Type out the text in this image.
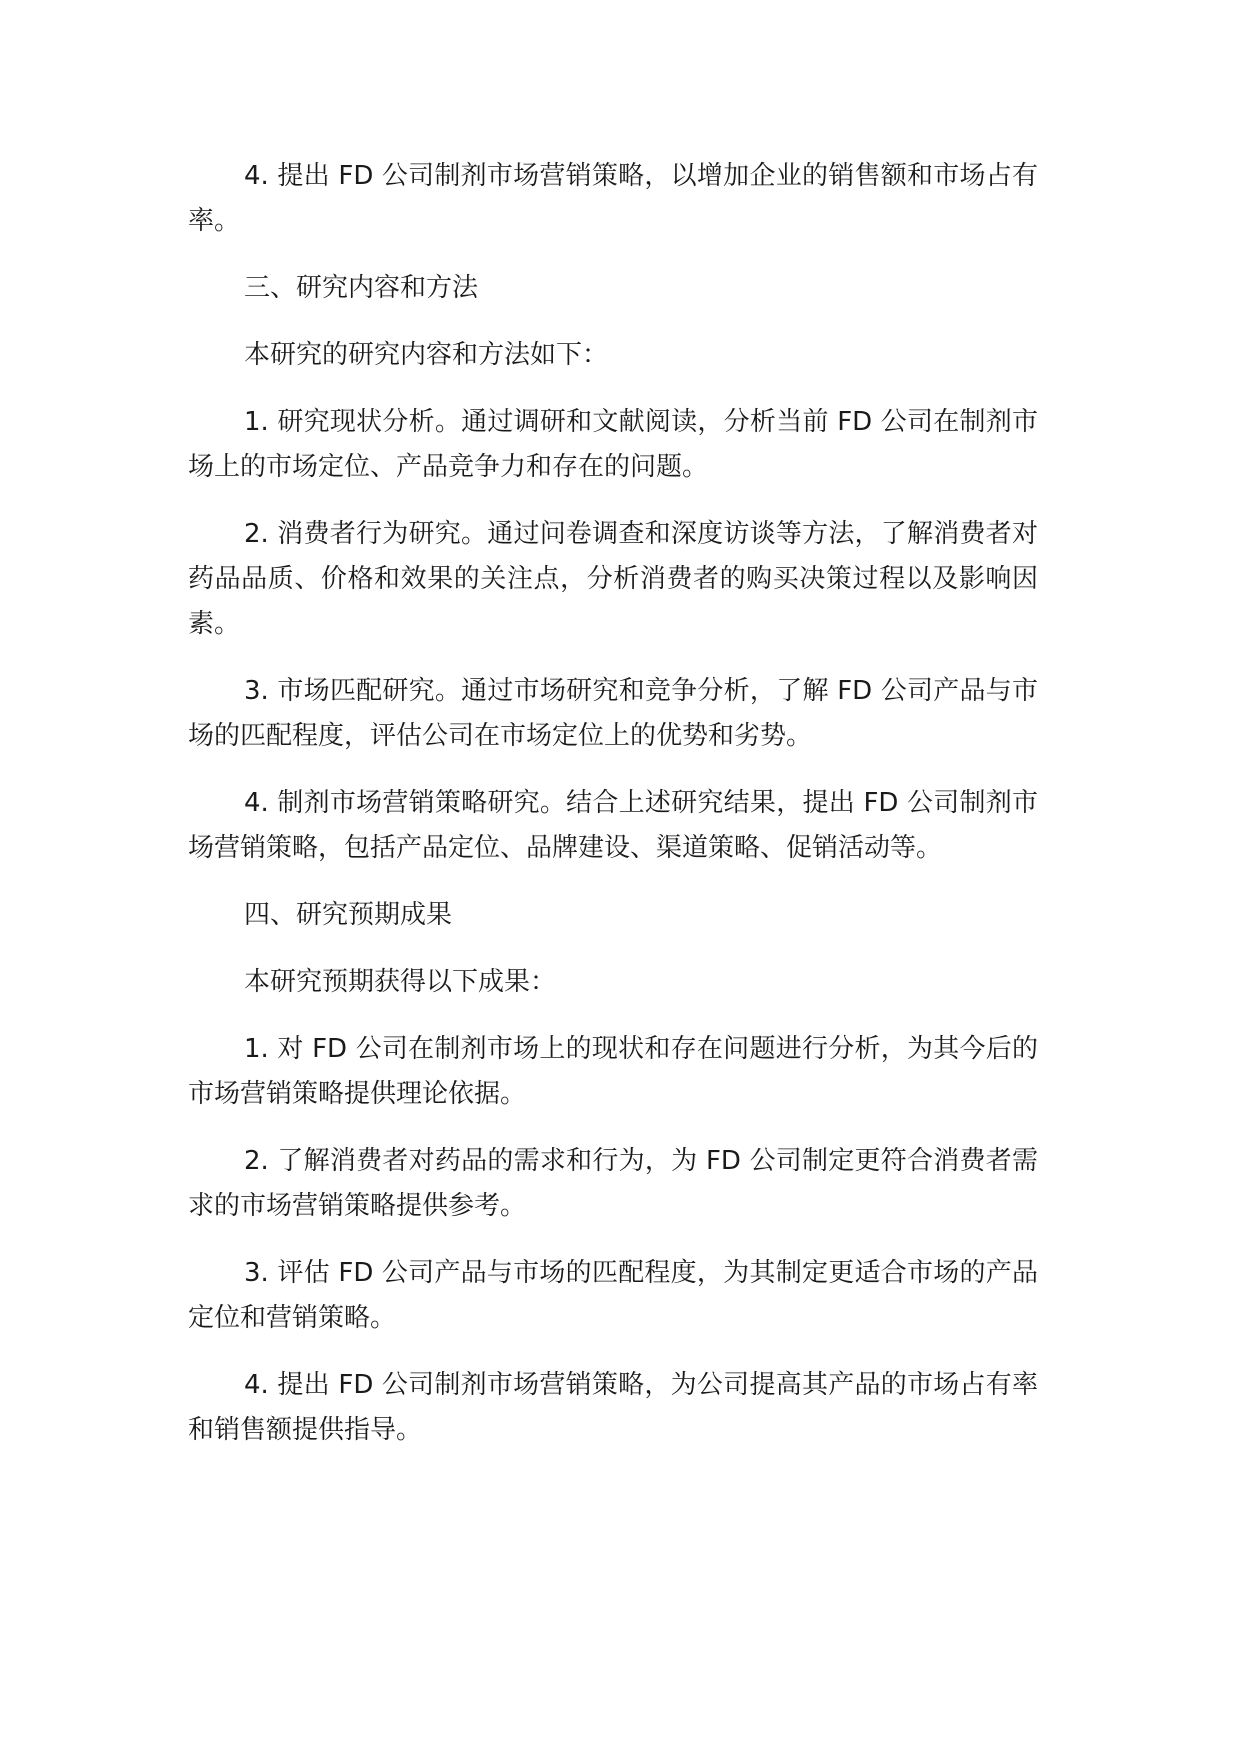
4. 提出 FD 公司制剂市场营销策略，以增加企业的销售额和市场占有率。

三、研究内容和方法

本研究的研究内容和方法如下：

1. 研究现状分析。通过调研和文献阅读，分析当前 FD 公司在制剂市场上的市场定位、产品竞争力和存在的问题。

2. 消费者行为研究。通过问卷调查和深度访谈等方法，了解消费者对药品品质、价格和效果的关注点，分析消费者的购买决策过程以及影响因素。

3. 市场匹配研究。通过市场研究和竞争分析，了解 FD 公司产品与市场的匹配程度，评估公司在市场定位上的优势和劣势。

4. 制剂市场营销策略研究。结合上述研究结果，提出 FD 公司制剂市场营销策略，包括产品定位、品牌建设、渠道策略、促销活动等。

四、研究预期成果

本研究预期获得以下成果：

1. 对 FD 公司在制剂市场上的现状和存在问题进行分析，为其今后的市场营销策略提供理论依据。

2. 了解消费者对药品的需求和行为，为 FD 公司制定更符合消费者需求的市场营销策略提供参考。

3. 评估 FD 公司产品与市场的匹配程度，为其制定更适合市场的产品定位和营销策略。

4. 提出 FD 公司制剂市场营销策略，为公司提高其产品的市场占有率和销售额提供指导。
